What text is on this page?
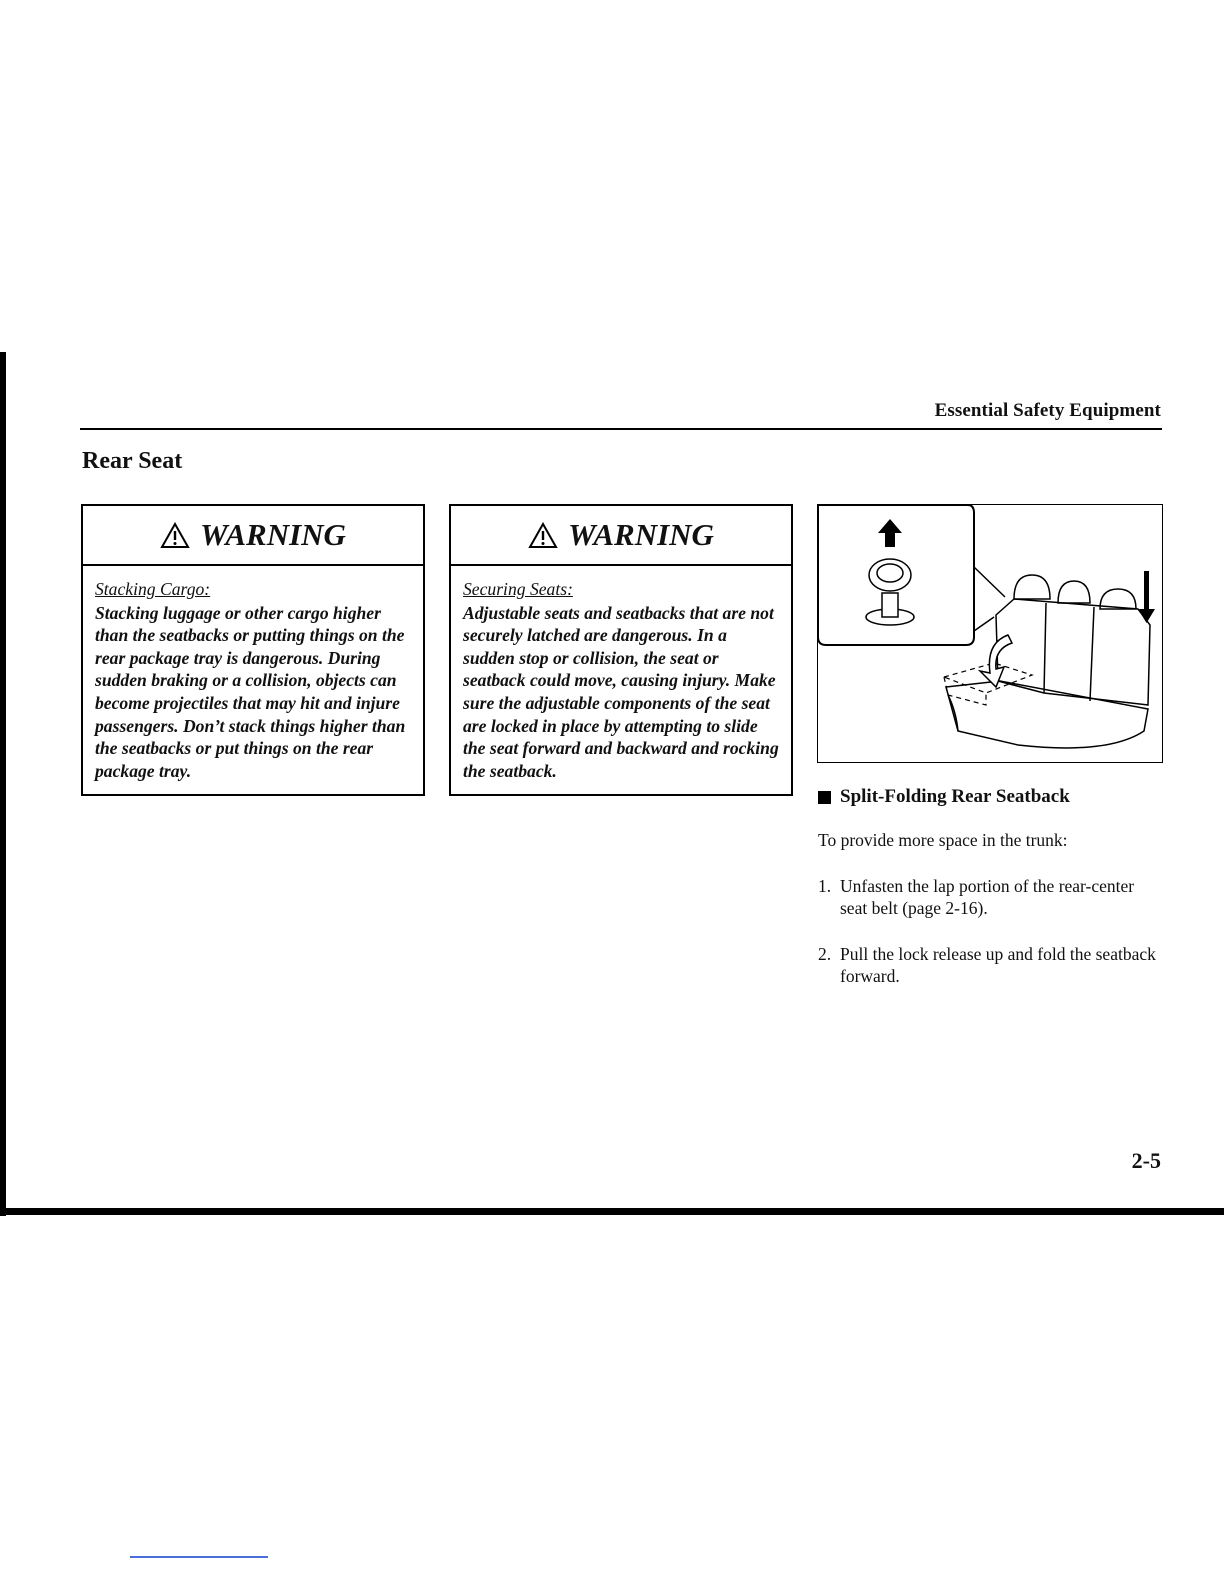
Essential Safety Equipment
Rear Seat
WARNING
Stacking Cargo:
Stacking luggage or other cargo higher than the seatbacks or putting things on the rear package tray is dangerous. During sudden braking or a collision, objects can become projectiles that may hit and injure passengers. Don’t stack things higher than the seatbacks or put things on the rear package tray.
WARNING
Securing Seats:
Adjustable seats and seatbacks that are not securely latched are dangerous. In a sudden stop or collision, the seat or seatback could move, causing injury. Make sure the adjustable components of the seat are locked in place by attempting to slide the seat forward and backward and rocking the seatback.
Split-Folding Rear Seatback
To provide more space in the trunk:
1. Unfasten the lap portion of the rear-center seat belt (page 2-16).
2. Pull the lock release up and fold the seatback forward.
2-5
